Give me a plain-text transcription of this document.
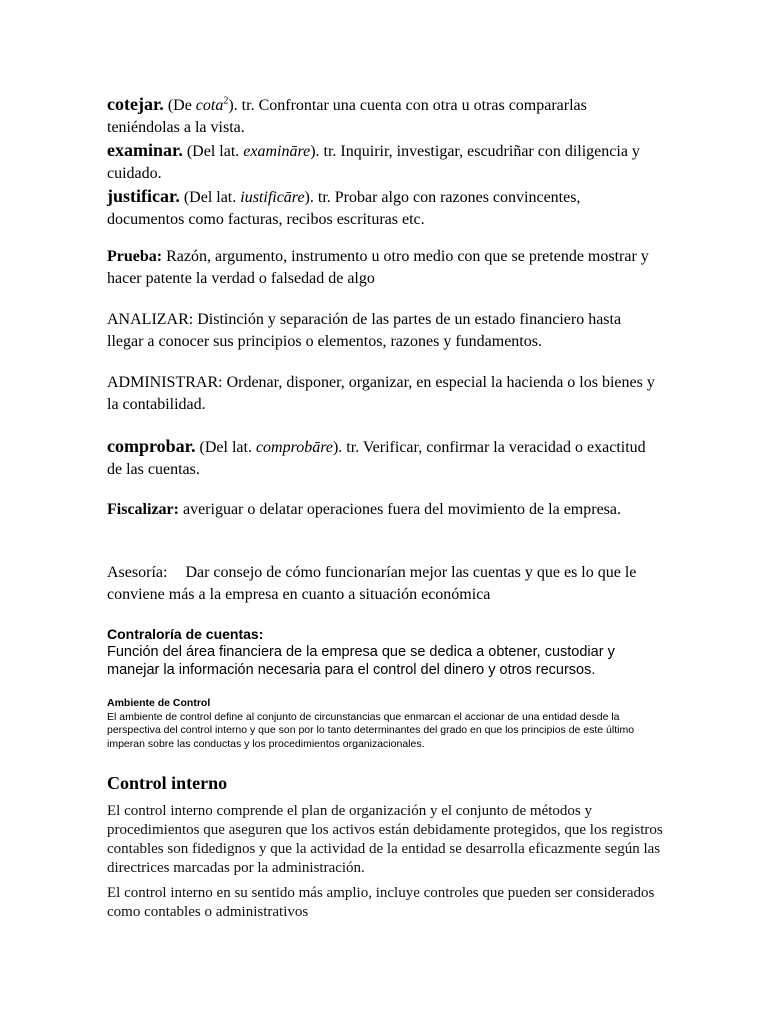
cotejar. (De cota$^2$). tr. Confrontar una cuenta con otra u otras compararlas teniéndolas a la vista.

examinar. (Del lat. examināre). tr. Inquirir, investigar, escudriñar con diligencia y cuidado.

justificar. (Del lat. iustificāre). tr. Probar algo con razones convincentes, documentos como facturas, recibos escrituras etc.

Prueba: Razón, argumento, instrumento u otro medio con que se pretende mostrar y hacer patente la verdad o falsedad de algo
ANALIZAR: Distinción y separación de las partes de un estado financiero hasta llegar a conocer sus principios o elementos, razones y fundamentos.
ADMINISTRAR: Ordenar, disponer, organizar, en especial la hacienda o los bienes y la contabilidad.
comprobar. (Del lat. comprobāre). tr. Verificar, confirmar la veracidad o exactitud de las cuentas.
Fiscalizar: averiguar o delatar operaciones fuera del movimiento de la empresa.
Asesoría: Dar consejo de cómo funcionarían mejor las cuentas y que es lo que le conviene más a la empresa en cuanto a situación económica
Contraloría de cuentas:
Función del área financiera de la empresa que se dedica a obtener, custodiar y manejar la información necesaria para el control del dinero y otros recursos.
Ambiente de Control
El ambiente de control define al conjunto de circunstancias que enmarcan el accionar de una entidad desde la perspectiva del control interno y que son por lo tanto determinantes del grado en que los principios de este último imperan sobre las conductas y los procedimientos organizacionales.
Control interno

El control interno comprende el plan de organización y el conjunto de métodos y procedimientos que aseguren que los activos están debidamente protegidos, que los registros contables son fidedignos y que la actividad de la entidad se desarrolla eficazmente según las directrices marcadas por la administración.

El control interno en su sentido más amplio, incluye controles que pueden ser considerados como contables o administrativos
